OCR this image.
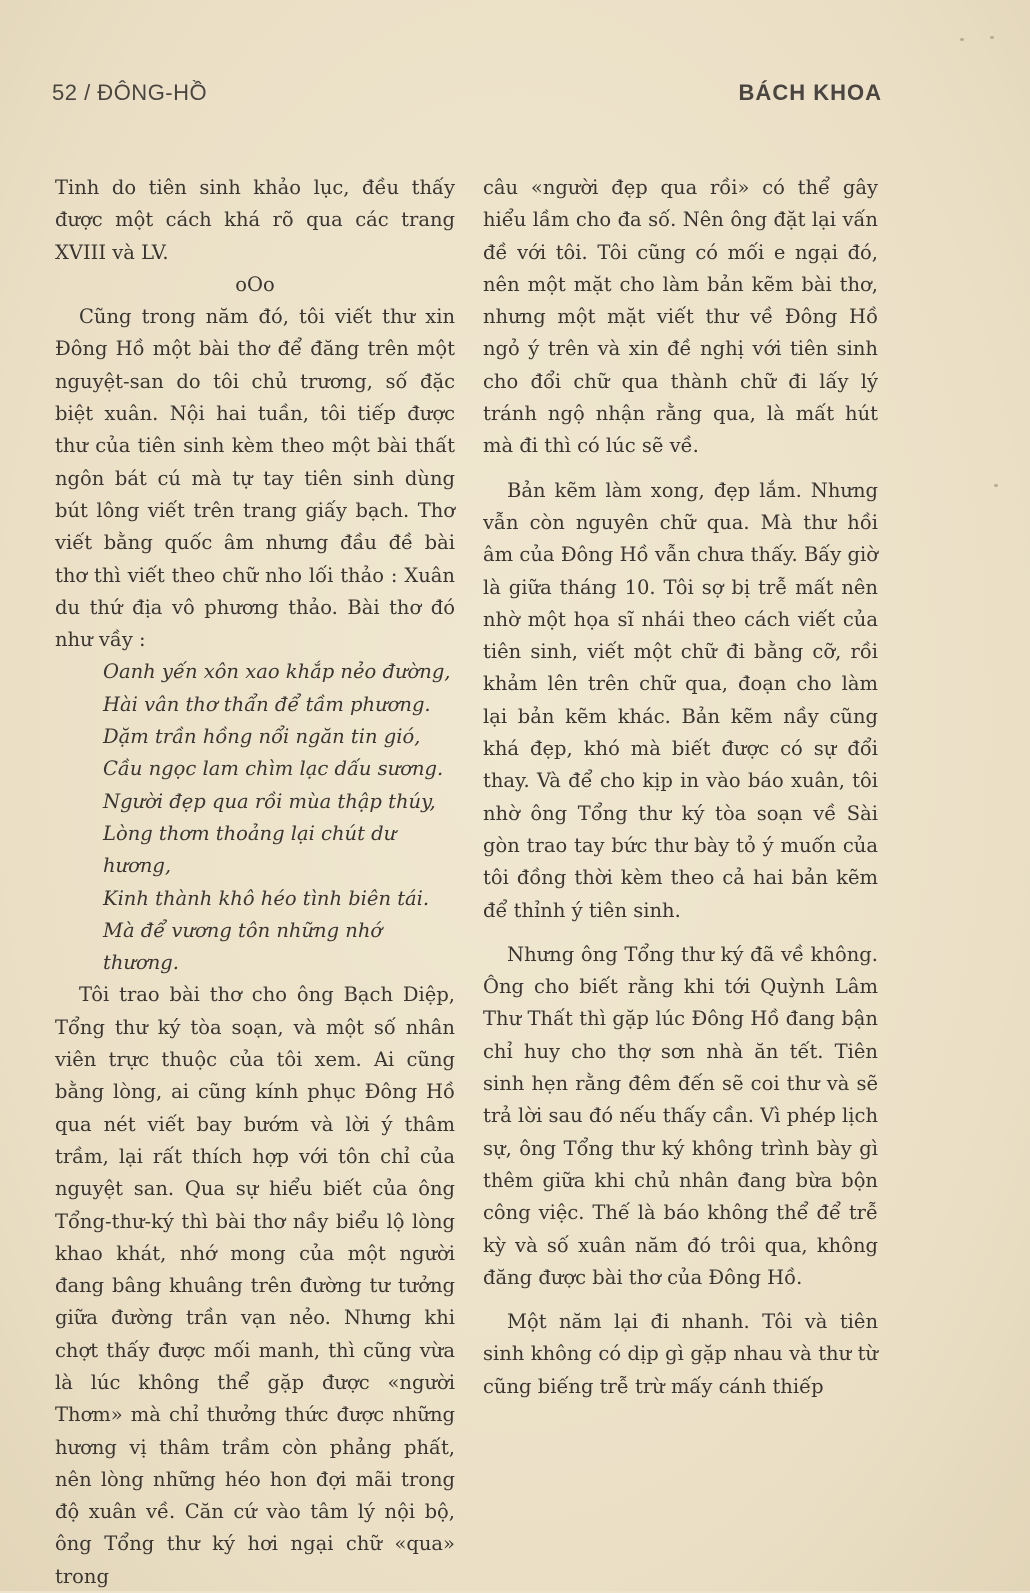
52 / ĐÔNG-HỒ	BÁCH KHOA

Tinh do tiên sinh khảo lục, đều thấy được một cách khá rõ qua các trang XVIII và LV.

oOo

Cũng trong năm đó, tôi viết thư xin Đông Hồ một bài thơ để đăng trên một nguyệt-san do tôi chủ trương, số đặc biệt xuân. Nội hai tuần, tôi tiếp được thư của tiên sinh kèm theo một bài thất ngôn bát cú mà tự tay tiên sinh dùng bút lông viết trên trang giấy bạch. Thơ viết bằng quốc âm nhưng đầu đề bài thơ thì viết theo chữ nho lối thảo : Xuân du thứ địa vô phương thảo. Bài thơ đó như vầy :

Oanh yến xôn xao khắp nẻo đường,
Hài vân thơ thẩn để tầm phương.
Dặm trần hồng nổi ngăn tin gió,
Cầu ngọc lam chìm lạc dấu sương.
Người đẹp qua rồi mùa thập thúy,
Lòng thơm thoảng lại chút dư hương,
Kinh thành khô héo tình biên tái.
Mà để vương tôn những nhớ thương.

Tôi trao bài thơ cho ông Bạch Diệp, Tổng thư ký tòa soạn, và một số nhân viên trực thuộc của tôi xem. Ai cũng bằng lòng, ai cũng kính phục Đông Hồ qua nét viết bay bướm và lời ý thâm trầm, lại rất thích hợp với tôn chỉ của nguyệt san. Qua sự hiểu biết của ông Tổng-thư-ký thì bài thơ nầy biểu lộ lòng khao khát, nhớ mong của một người đang bâng khuâng trên đường tư tưởng giữa đường trần vạn nẻo. Nhưng khi chợt thấy được mối manh, thì cũng vừa là lúc không thể gặp được «người Thơm» mà chỉ thưởng thức được những hương vị thâm trầm còn phảng phất, nên lòng những héo hon đợi mãi trong độ xuân về. Căn cứ vào tâm lý nội bộ, ông Tổng thư ký hơi ngại chữ «qua» trong

câu «người đẹp qua rồi» có thể gây hiểu lầm cho đa số. Nên ông đặt lại vấn đề với tôi. Tôi cũng có mối e ngại đó, nên một mặt cho làm bản kẽm bài thơ, nhưng một mặt viết thư về Đông Hồ ngỏ ý trên và xin đề nghị với tiên sinh cho đổi chữ qua thành chữ đi lấy lý tránh ngộ nhận rằng qua, là mất hút mà đi thì có lúc sẽ về.

Bản kẽm làm xong, đẹp lắm. Nhưng vẫn còn nguyên chữ qua. Mà thư hồi âm của Đông Hồ vẫn chưa thấy. Bấy giờ là giữa tháng 10. Tôi sợ bị trễ mất nên nhờ một họa sĩ nhái theo cách viết của tiên sinh, viết một chữ đi bằng cỡ, rồi khảm lên trên chữ qua, đoạn cho làm lại bản kẽm khác. Bản kẽm nầy cũng khá đẹp, khó mà biết được có sự đổi thay. Và để cho kịp in vào báo xuân, tôi nhờ ông Tổng thư ký tòa soạn về Sài gòn trao tay bức thư bày tỏ ý muốn của tôi đồng thời kèm theo cả hai bản kẽm để thỉnh ý tiên sinh.

Nhưng ông Tổng thư ký đã về không. Ông cho biết rằng khi tới Quỳnh Lâm Thư Thất thì gặp lúc Đông Hồ đang bận chỉ huy cho thợ sơn nhà ăn tết. Tiên sinh hẹn rằng đêm đến sẽ coi thư và sẽ trả lời sau đó nếu thấy cần. Vì phép lịch sự, ông Tổng thư ký không trình bày gì thêm giữa khi chủ nhân đang bừa bộn công việc. Thế là báo không thể để trễ kỳ và số xuân năm đó trôi qua, không đăng được bài thơ của Đông Hồ.

Một năm lại đi nhanh. Tôi và tiên sinh không có dịp gì gặp nhau và thư từ cũng biếng trễ trừ mấy cánh thiếp
